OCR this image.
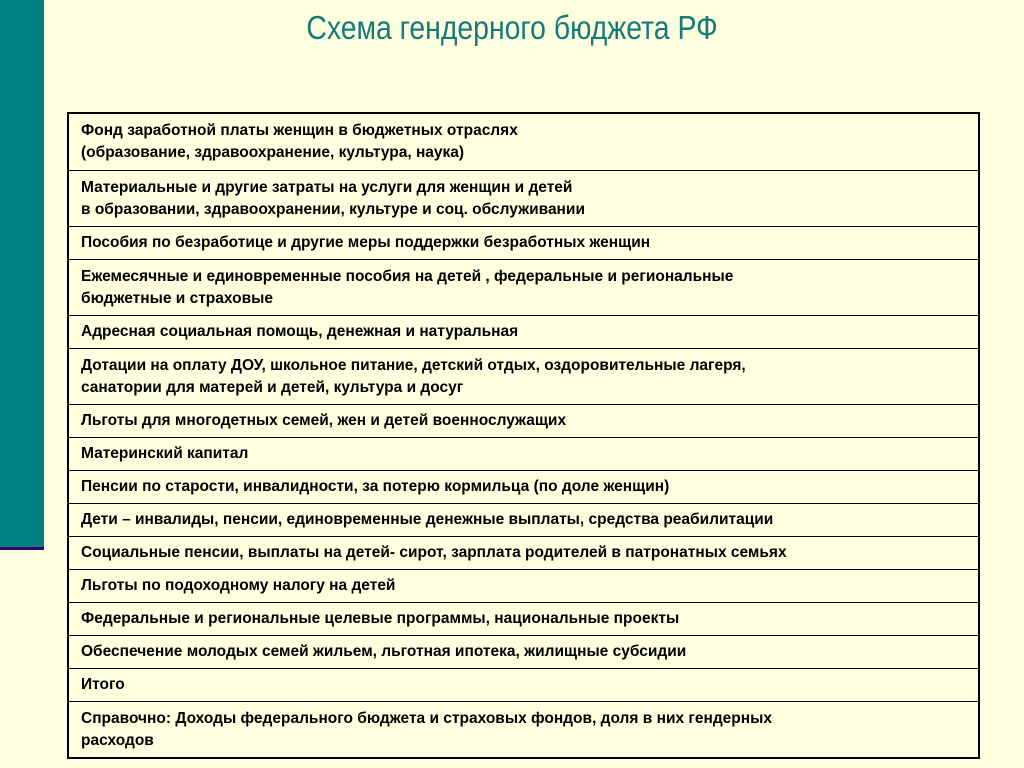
Схема гендерного бюджета РФ
Фонд заработной платы женщин в бюджетных отраслях
(образование, здравоохранение, культура, наука)
Материальные и другие затраты на услуги для женщин и детей
в образовании, здравоохранении, культуре и соц. обслуживании
Пособия по безработице и другие меры поддержки безработных женщин
Ежемесячные и единовременные пособия на детей , федеральные и региональные
бюджетные и страховые
Адресная социальная помощь, денежная и натуральная
Дотации на оплату ДОУ, школьное питание, детский отдых, оздоровительные лагеря,
санатории для матерей и детей, культура и досуг
Льготы для многодетных семей, жен и детей военнослужащих
Материнский капитал
Пенсии по старости, инвалидности, за потерю кормильца (по доле женщин)
Дети – инвалиды, пенсии, единовременные денежные выплаты, средства реабилитации
Социальные пенсии, выплаты на детей- сирот, зарплата родителей в патронатных семьях
Льготы по подоходному налогу на детей
Федеральные и региональные целевые программы, национальные проекты
Обеспечение молодых семей жильем, льготная ипотека, жилищные субсидии
Итого
Справочно: Доходы федерального бюджета и страховых фондов, доля в них гендерных
расходов
